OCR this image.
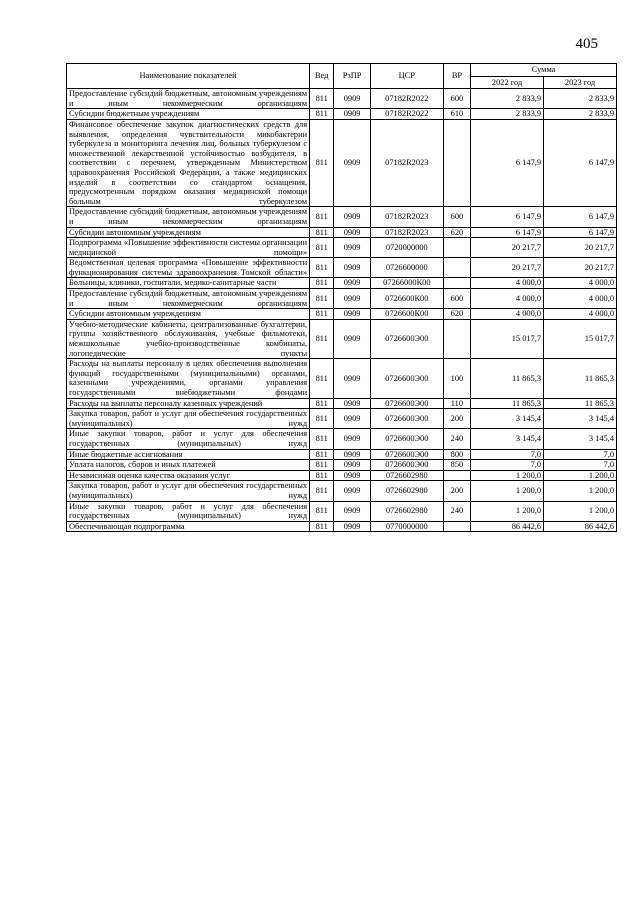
405
Наименование показателей	Вед	РзПР	ЦСР	ВР	Сумма	
					2022 год	2023 год
Предоставление субсидий бюджетным, автономным учреждениям и иным некоммерческим организациям	811	0909	07182R2022	600	2 833,9	2 833,9
Субсидии бюджетным учреждениям	811	0909	07182R2022	610	2 833,9	2 833,9
Финансовое обеспечение закупок диагностических средств для выявления, определения чувствительности микобактерии туберкулеза и мониторинга лечения лиц, больных туберкулезом с множественной лекарственной устойчивостью возбудителя, в соответствии с перечнем, утвержденным Министерством здравоохранения Российской Федерации, а также медицинских изделий в соответствии со стандартом оснащения, предусмотренным порядком оказания медицинской помощи больным туберкулезом	811	0909	07182R2023		6 147,9	6 147,9
Предоставление субсидий бюджетным, автономным учреждениям и иным некоммерческим организациям	811	0909	07182R2023	600	6 147,9	6 147,9
Субсидии автономным учреждениям	811	0909	07182R2023	620	6 147,9	6 147,9
Подпрограмма «Повышение эффективности системы организации медицинской помощи»	811	0909	0720000000		20 217,7	20 217,7
Ведомственная целевая программа «Повышение эффективности функционирования системы здравоохранения Томской области»	811	0909	0726600000		20 217,7	20 217,7
Больницы, клиники, госпитали, медико-санитарные части	811	0909	07266000К00		4 000,0	4 000,0
Предоставление субсидий бюджетным, автономным учреждениям и иным некоммерческим организациям	811	0909	0726600К00	600	4 000,0	4 000,0
Субсидии автономным учреждениям	811	0909	0726600К00	620	4 000,0	4 000,0
Учебно-методические кабинеты, централизованные бухгалтерии, группы хозяйственного обслуживания, учебные фильмотеки, межшкольные учебно-производственные комбинаты, логопедические пункты	811	0909	0726600Э00		15 017,7	15 017,7
Расходы на выплаты персоналу в целях обеспечения выполнения функций государственными (муниципальными) органами, казенными учреждениями, органами управления государственными внебюджетными фондами	811	0909	0726600Э00	100	11 865,3	11 865,3
Расходы на выплаты персоналу казенных учреждений	811	0909	0726600Э00	110	11 865,3	11 865,3
Закупка товаров, работ и услуг для обеспечения государственных (муниципальных) нужд	811	0909	0726600Э00	200	3 145,4	3 145,4
Иные закупки товаров, работ и услуг для обеспечения государственных (муниципальных) нужд	811	0909	0726600Э00	240	3 145,4	3 145,4
Иные бюджетные ассигнования	811	0909	0726600Э00	800	7,0	7,0
Уплата налогов, сборов и иных платежей	811	0909	0726600Э00	850	7,0	7,0
Независимая оценка качества оказания услуг	811	0909	0726602980		1 200,0	1 200,0
Закупка товаров, работ и услуг для обеспечения государственных (муниципальных) нужд	811	0909	0726602980	200	1 200,0	1 200,0
Иные закупки товаров, работ и услуг для обеспечения государственных (муниципальных) нужд	811	0909	0726602980	240	1 200,0	1 200,0
Обеспечивающая подпрограмма	811	0909	0770000000		86 442,6	86 442,6
